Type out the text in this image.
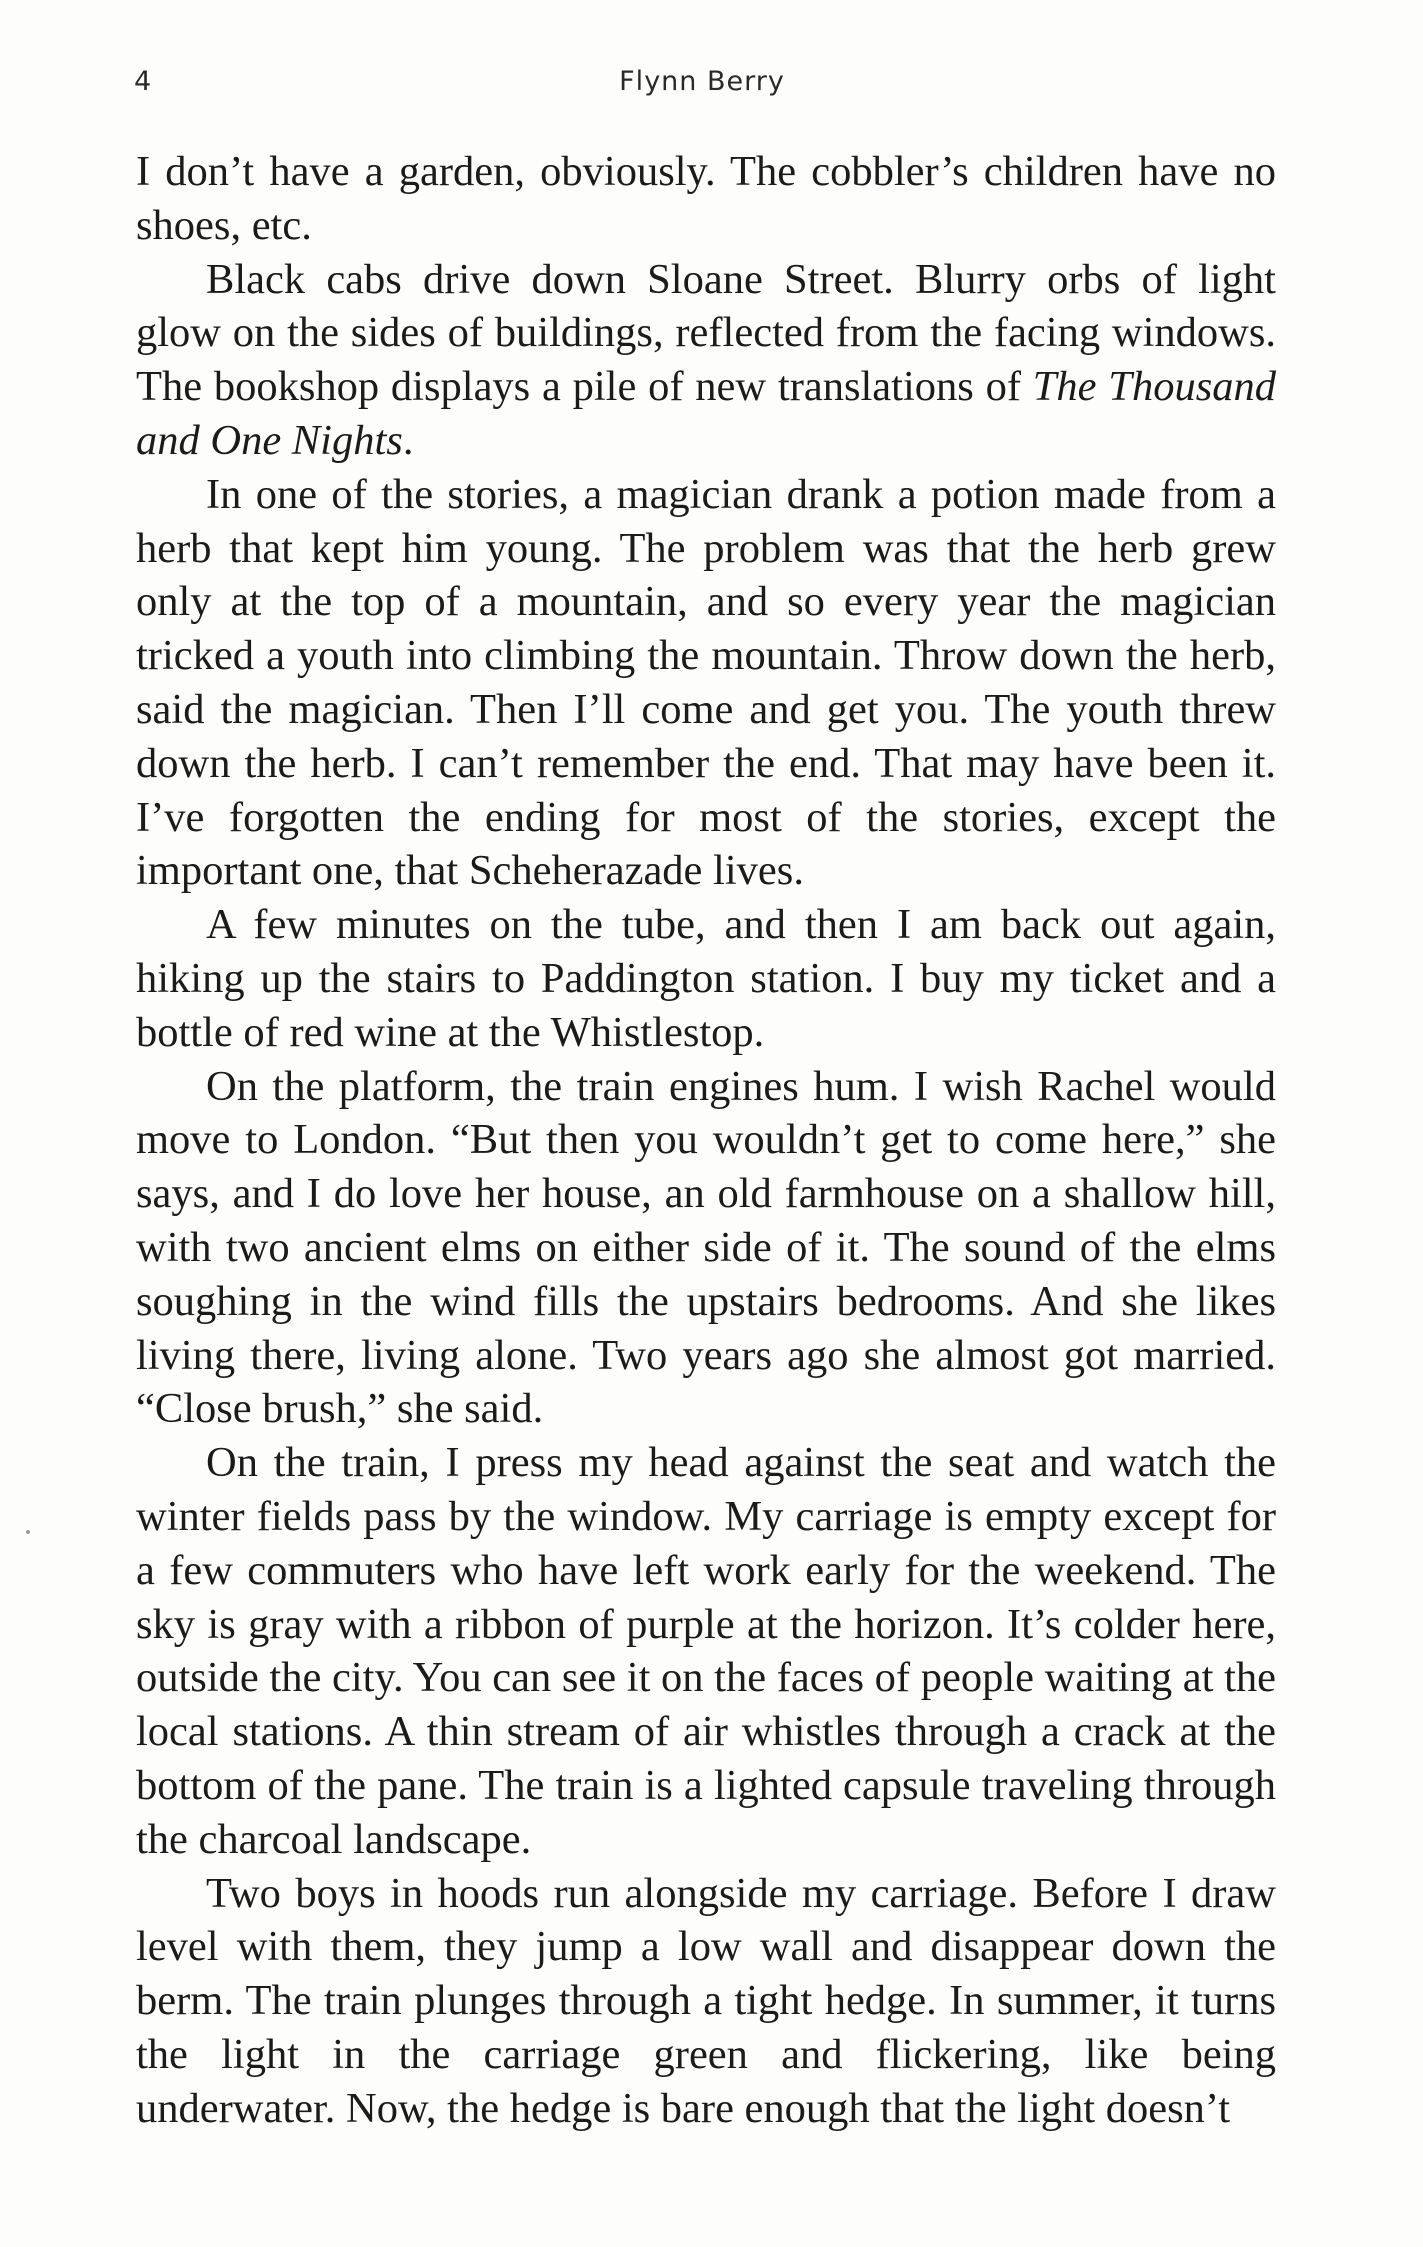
4	Flynn Berry

I don’t have a garden, obviously. The cobbler’s children have no shoes, etc.

Black cabs drive down Sloane Street. Blurry orbs of light glow on the sides of buildings, reflected from the facing windows. The bookshop displays a pile of new translations of The Thousand and One Nights.

In one of the stories, a magician drank a potion made from a herb that kept him young. The problem was that the herb grew only at the top of a mountain, and so every year the magician tricked a youth into climbing the mountain. Throw down the herb, said the magician. Then I’ll come and get you. The youth threw down the herb. I can’t remember the end. That may have been it. I’ve forgotten the ending for most of the stories, except the important one, that Scheherazade lives.

A few minutes on the tube, and then I am back out again, hiking up the stairs to Paddington station. I buy my ticket and a bottle of red wine at the Whistlestop.

On the platform, the train engines hum. I wish Rachel would move to London. “But then you wouldn’t get to come here,” she says, and I do love her house, an old farmhouse on a shallow hill, with two ancient elms on either side of it. The sound of the elms soughing in the wind fills the upstairs bedrooms. And she likes living there, living alone. Two years ago she almost got married. “Close brush,” she said.

On the train, I press my head against the seat and watch the winter fields pass by the window. My carriage is empty except for a few commuters who have left work early for the weekend. The sky is gray with a ribbon of purple at the horizon. It’s colder here, outside the city. You can see it on the faces of people waiting at the local stations. A thin stream of air whistles through a crack at the bottom of the pane. The train is a lighted capsule traveling through the charcoal landscape.

Two boys in hoods run alongside my carriage. Before I draw level with them, they jump a low wall and disappear down the berm. The train plunges through a tight hedge. In summer, it turns the light in the carriage green and flickering, like being underwater. Now, the hedge is bare enough that the light doesn’t
